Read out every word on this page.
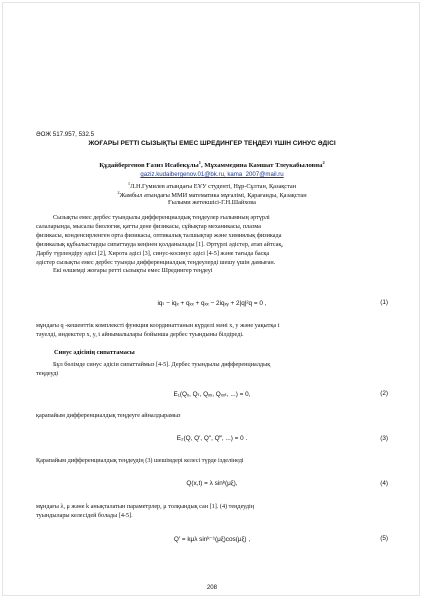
ӘОЖ 517.957, 532.5
ЖОҒАРЫ РЕТТІ СЫЗЫҚТЫ ЕМЕС ШРЕДИНГЕР ТЕҢДЕУІ ҮШІН СИНУС ӘДІСІ
Құдайбергенов Ғазиз Исабекұлы$^1$, Мұхаммедина Камшат Тлеукабыловна$^2$
gaziz.kudaibergenov.01@bk.ru, kama_2007@mail.ru
$^1$Л.Н.Гумилев атындағы ЕҰУ студенті, Нұр-Сұлтан, Қазақстан
$^2$Жамбыл атындағы ММИ математика мұғалімі, Қарағанды, Қазақстан
Ғылыми жетекшісі-Г.Н.Шайхова
Сызықты емес дербес туындылы дифференциалдық теңдеулер ғылымның әртүрлі
салаларында, мысалы биология, қатты дене физикасы, сұйықтар механикасы, плазма
физикасы, конденсирленген орта физикасы, оптикалық талшықтар және химиялық физикада
физикалық құбылыстарды сипаттауда кеңінен қолданылады [1]. Әртүрлі әдістер, атап айтсақ,
Дарбу түрлендіру әдісі [2], Хирота әдісі [3], синус-косинус әдісі [4-5] және тағыда басқа
әдістер сызықты емес дербес туынды дифференциалдық теңдеулерді шешу үшін дамыған.
Екі өлшемді жоғары ретті сызықты емес Шредингер теңдеуі
iqₜ − iqₓ + qₓₓ + qₓₓ − 2iqₓᵧ + 2|q|²q = 0 ,	(1)
мұндағы q -кешенттік комплексті функция координаттанын күрделі мәні x, y және уақытқа t
тәуелді, индекстер x, y, t айнымалылары бойынша дербес туындыны білдіреді.
Синус әдісінің сипаттамасы
Бұл бөлімде синус әдісін сипаттаймыз [4-5]. Дербес туындылы дифференциалдық
теңдеуді
E₁(Qₓ, Qₜ, Qₓₓ, Qₓₓₜ, ...) = 0,	(2)
қарапайым дифференциалдық теңдеуге айналдырамыз
E₂(Q, Q′, Q″, Q‴, ...) = 0 .	(3)
Қарапайым дифференциалдық теңдеудің (3) шешімдері келесі түрде ізделінеді
Q(x,t) = λ sinᵏ(μξ),	(4)
мұндағы λ, μ және k анықталатын параметрлер, μ толқындық сан [1]. (4) теңдеудің
туындылары келесідей болады [4-5].
Q′ = kμλ sinᵏ⁻¹(μξ)cos(μξ) ,	(5)
208
